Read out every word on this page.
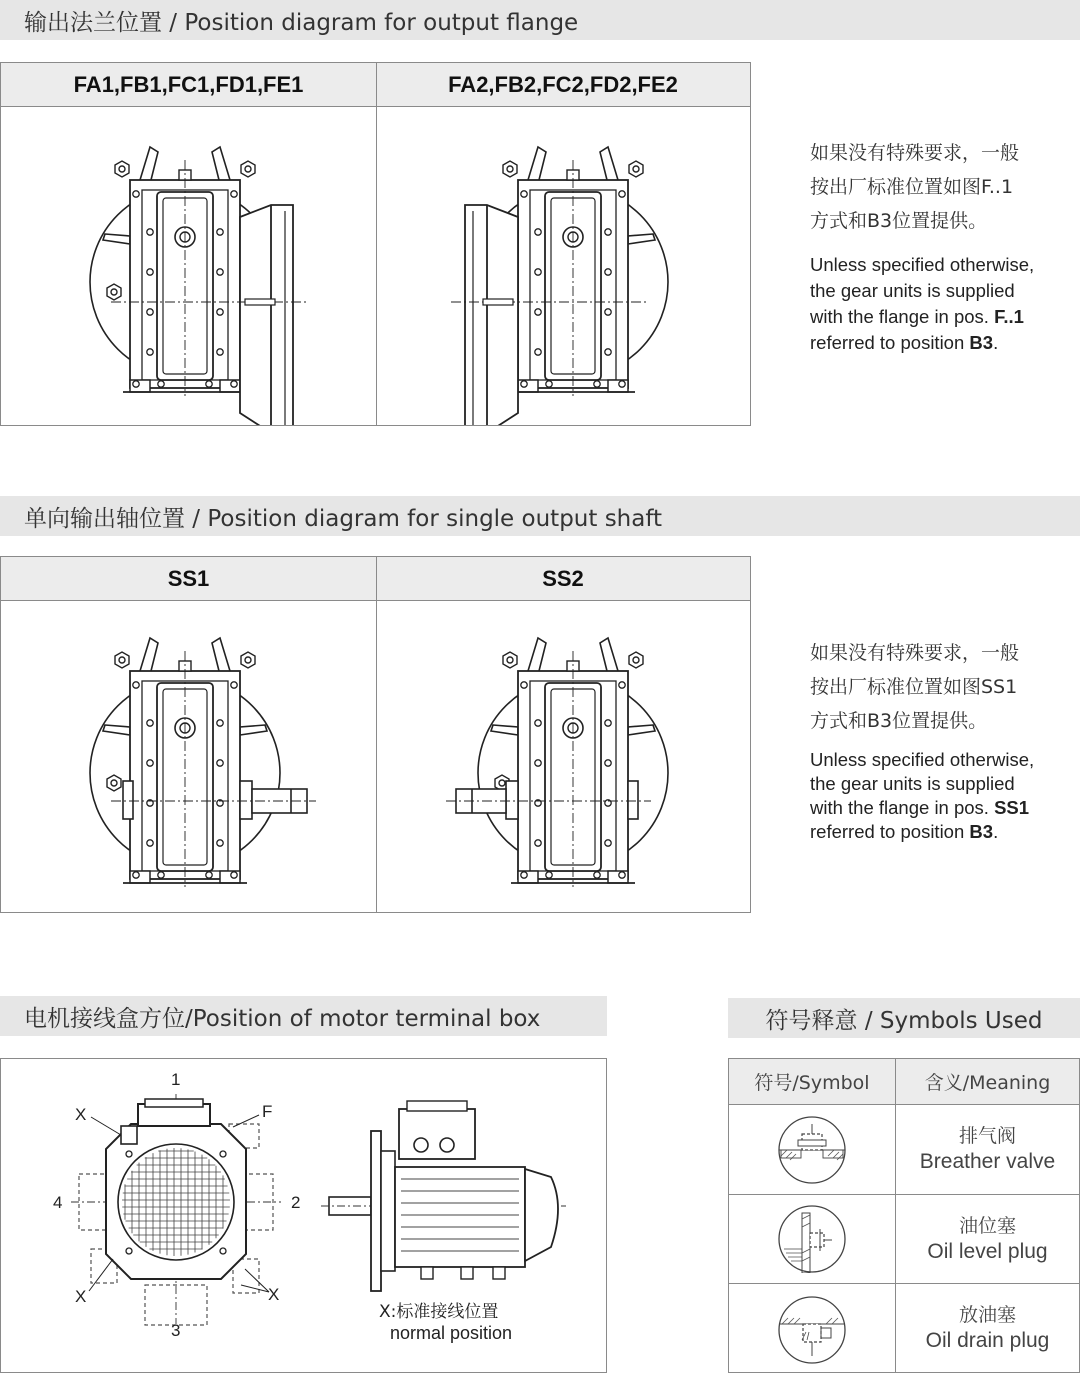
输出法兰位置 / Position diagram for output flange
FA1,FB1,FC1,FD1,FE1	FA2,FB2,FC2,FD2,FE2

如果没有特殊要求，一般

按出厂标准位置如图F..1

方式和B3位置提供。

Unless specified otherwise,
the gear units is supplied
with the flange in pos. F..1
referred to position B3.

单向输出轴位置 / Position diagram for single output shaft
SS1	SS2

如果没有特殊要求，一般

按出厂标准位置如图SS1

方式和B3位置提供。

Unless specified otherwise,
the gear units is supplied
with the flange in pos. SS1
referred to position B3.

电机接线盒方位/Position of motor terminal box
1
2
3
4
F
X
X	X
X:标准接线位置
normal position
符号释意 / Symbols Used
符号/Symbol	含义/Meaning
排气阀
Breather valve
油位塞
Oil level plug
放油塞
Oil drain plug
